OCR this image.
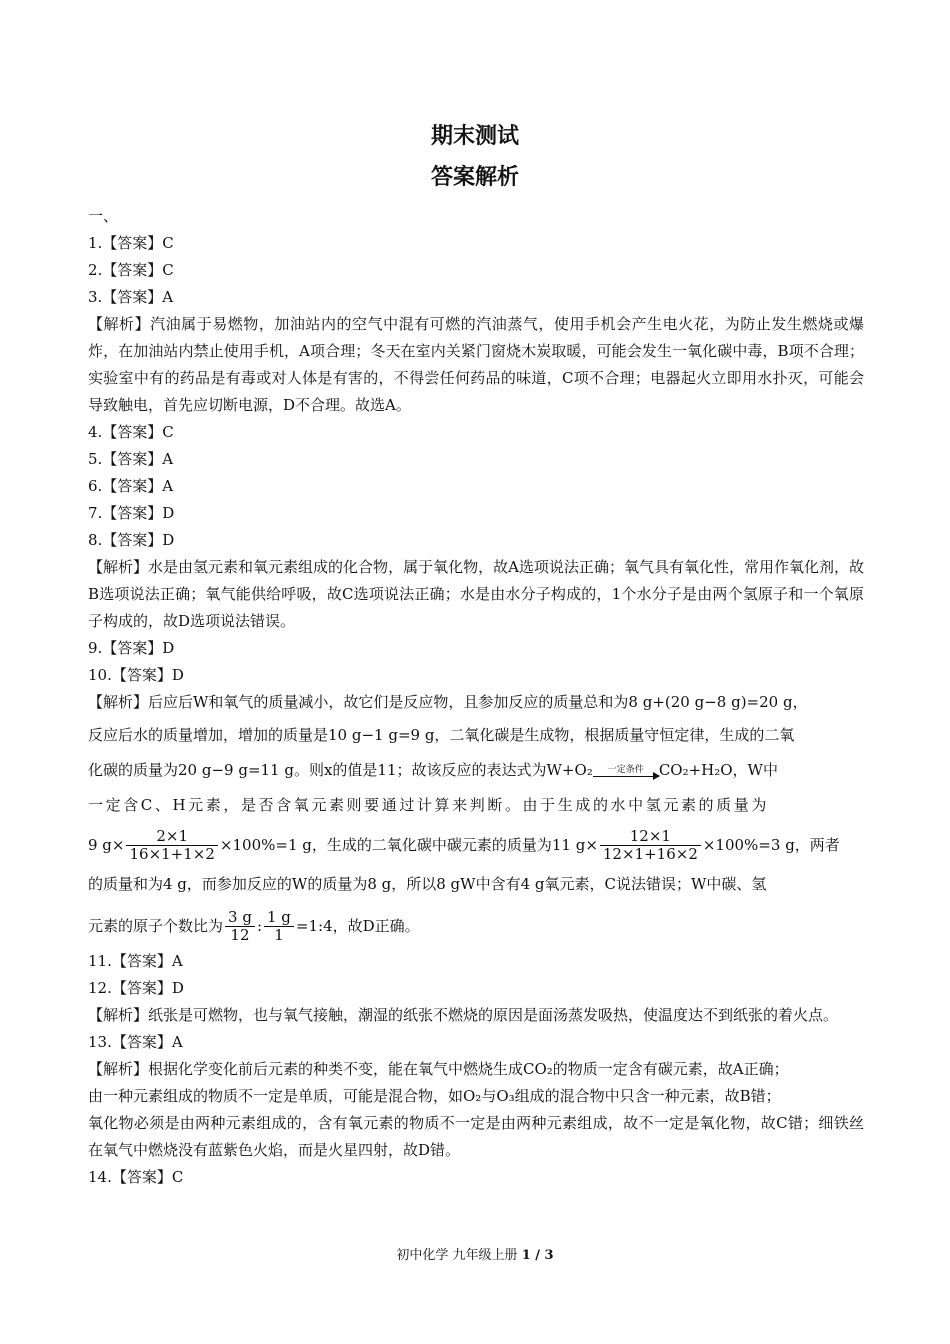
期末测试
答案解析
一、
1.【答案】C
2.【答案】C
3.【答案】A
【解析】汽油属于易燃物，加油站内的空气中混有可燃的汽油蒸气，使用手机会产生电火花，为防止发生燃烧或爆炸，在加油站内禁止使用手机，A项合理；冬天在室内关紧门窗烧木炭取暖，可能会发生一氧化碳中毒，B项不合理；实验室中有的药品是有毒或对人体是有害的，不得尝任何药品的味道，C项不合理；电器起火立即用水扑灭，可能会导致触电，首先应切断电源，D不合理。故选A。
4.【答案】C
5.【答案】A
6.【答案】A
7.【答案】D
8.【答案】D
【解析】水是由氢元素和氧元素组成的化合物，属于氧化物，故A选项说法正确；氧气具有氧化性，常用作氧化剂，故B选项说法正确；氧气能供给呼吸，故C选项说法正确；水是由水分子构成的，1个水分子是由两个氢原子和一个氧原子构成的，故D选项说法错误。
9.【答案】D
10.【答案】D
【解析】后应后W和氧气的质量减小，故它们是反应物，且参加反应的质量总和为8 g+(20 g−8 g)=20 g，
反应后水的质量增加，增加的质量是10 g−1 g=9 g，二氧化碳是生成物，根据质量守恒定律，生成的二氧
化碳的质量为20 g−9 g=11 g。则x的值是11；故该反应的表达式为W+O₂	一定条件	CO₂+H₂O，W中
一定含C、H元素，是否含氧元素则要通过计算来判断。由于生成的水中氢元素的质量为
9 $g\times \frac{2\times 1}{16\times 1+1\times 2} \times 100\%=1$ g，生成的二氧化碳中碳元素的质量为11 $g\times \frac{12\times 1}{12\times 1+16\times 2} \times 100\%=3$ g，两者
的质量和为4 g，而参加反应的W的质量为8 g，所以8 gW中含有4 g氧元素，C说法错误；W中碳、氢
元素的原子个数比为 $\frac{3 g}{12}$ : $\frac{1 g}{1}$ =1:4，故D正确。
11.【答案】A
12.【答案】D
【解析】纸张是可燃物，也与氧气接触，潮湿的纸张不燃烧的原因是面汤蒸发吸热，使温度达不到纸张的着火点。
13.【答案】A
【解析】根据化学变化前后元素的种类不变，能在氧气中燃烧生成CO₂的物质一定含有碳元素，故A正确；
由一种元素组成的物质不一定是单质，可能是混合物，如O₂与O₃组成的混合物中只含一种元素，故B错；
氧化物必须是由两种元素组成的，含有氧元素的物质不一定是由两种元素组成，故不一定是氧化物，故C错；细铁丝在氧气中燃烧没有蓝紫色火焰，而是火星四射，故D错。
14.【答案】C
初中化学 九年级上册 1 / 3
